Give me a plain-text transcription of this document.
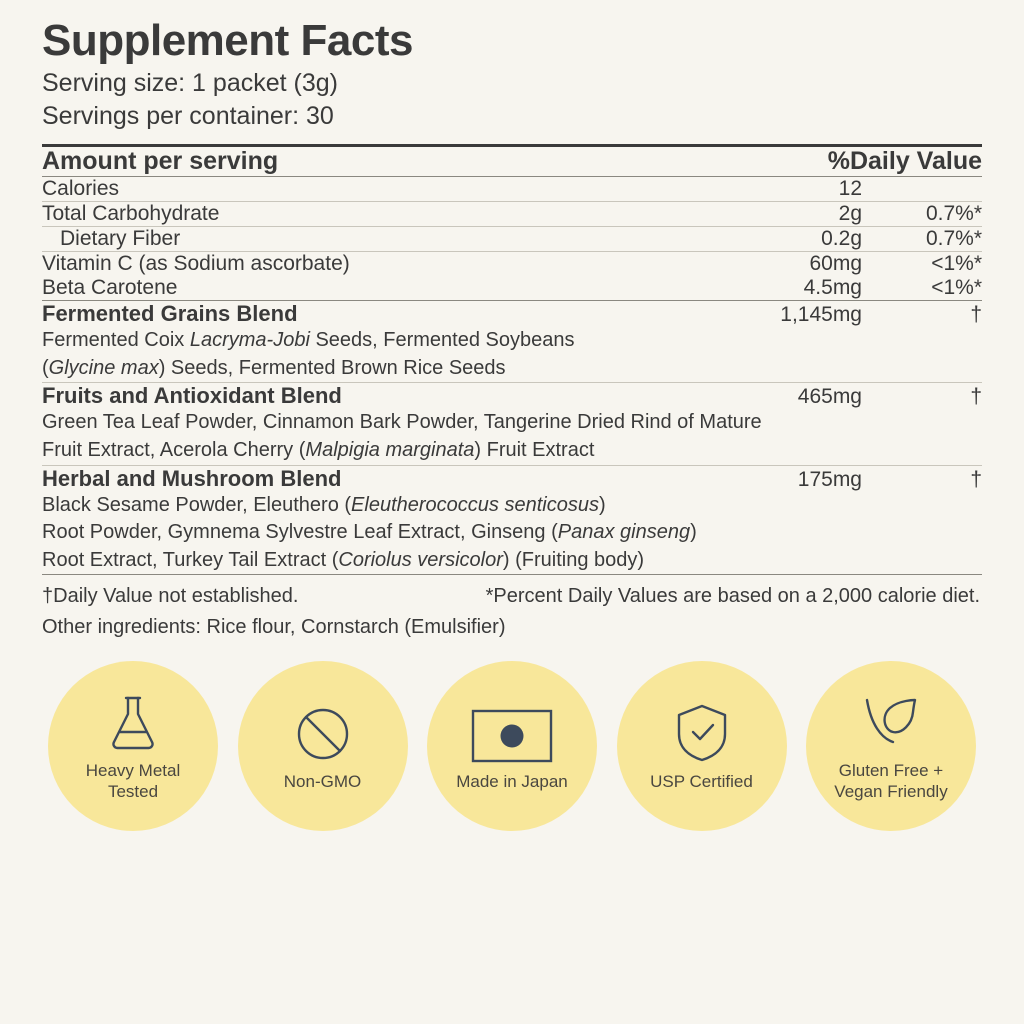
Supplement Facts
Serving size: 1 packet (3g)
Servings per container: 30
Amount per serving	%Daily Value
Calories	12	
Total Carbohydrate	2g	0.7%*
Dietary Fiber	0.2g	0.7%*
Vitamin C (as Sodium ascorbate)	60mg	<1%*
Beta Carotene	4.5mg	<1%*
Fermented Grains Blend	1,145mg	†
Fermented Coix Lacryma-Jobi Seeds, Fermented Soybeans
(Glycine max) Seeds, Fermented Brown Rice Seeds
Fruits and Antioxidant Blend	465mg	†
Green Tea Leaf Powder, Cinnamon Bark Powder, Tangerine Dried Rind of Mature
Fruit Extract, Acerola Cherry (Malpigia marginata) Fruit Extract
Herbal and Mushroom Blend	175mg	†
Black Sesame Powder, Eleuthero (Eleutherococcus senticosus)
Root Powder, Gymnema Sylvestre Leaf Extract, Ginseng (Panax ginseng)
Root Extract, Turkey Tail Extract (Coriolus versicolor) (Fruiting body)
†Daily Value not established.	*Percent Daily Values are based on a 2,000 calorie diet.
Other ingredients: Rice flour, Cornstarch (Emulsifier)
Heavy Metal
Tested
Non-GMO	Made in Japan	USP Certified
Gluten Free +
Vegan Friendly
